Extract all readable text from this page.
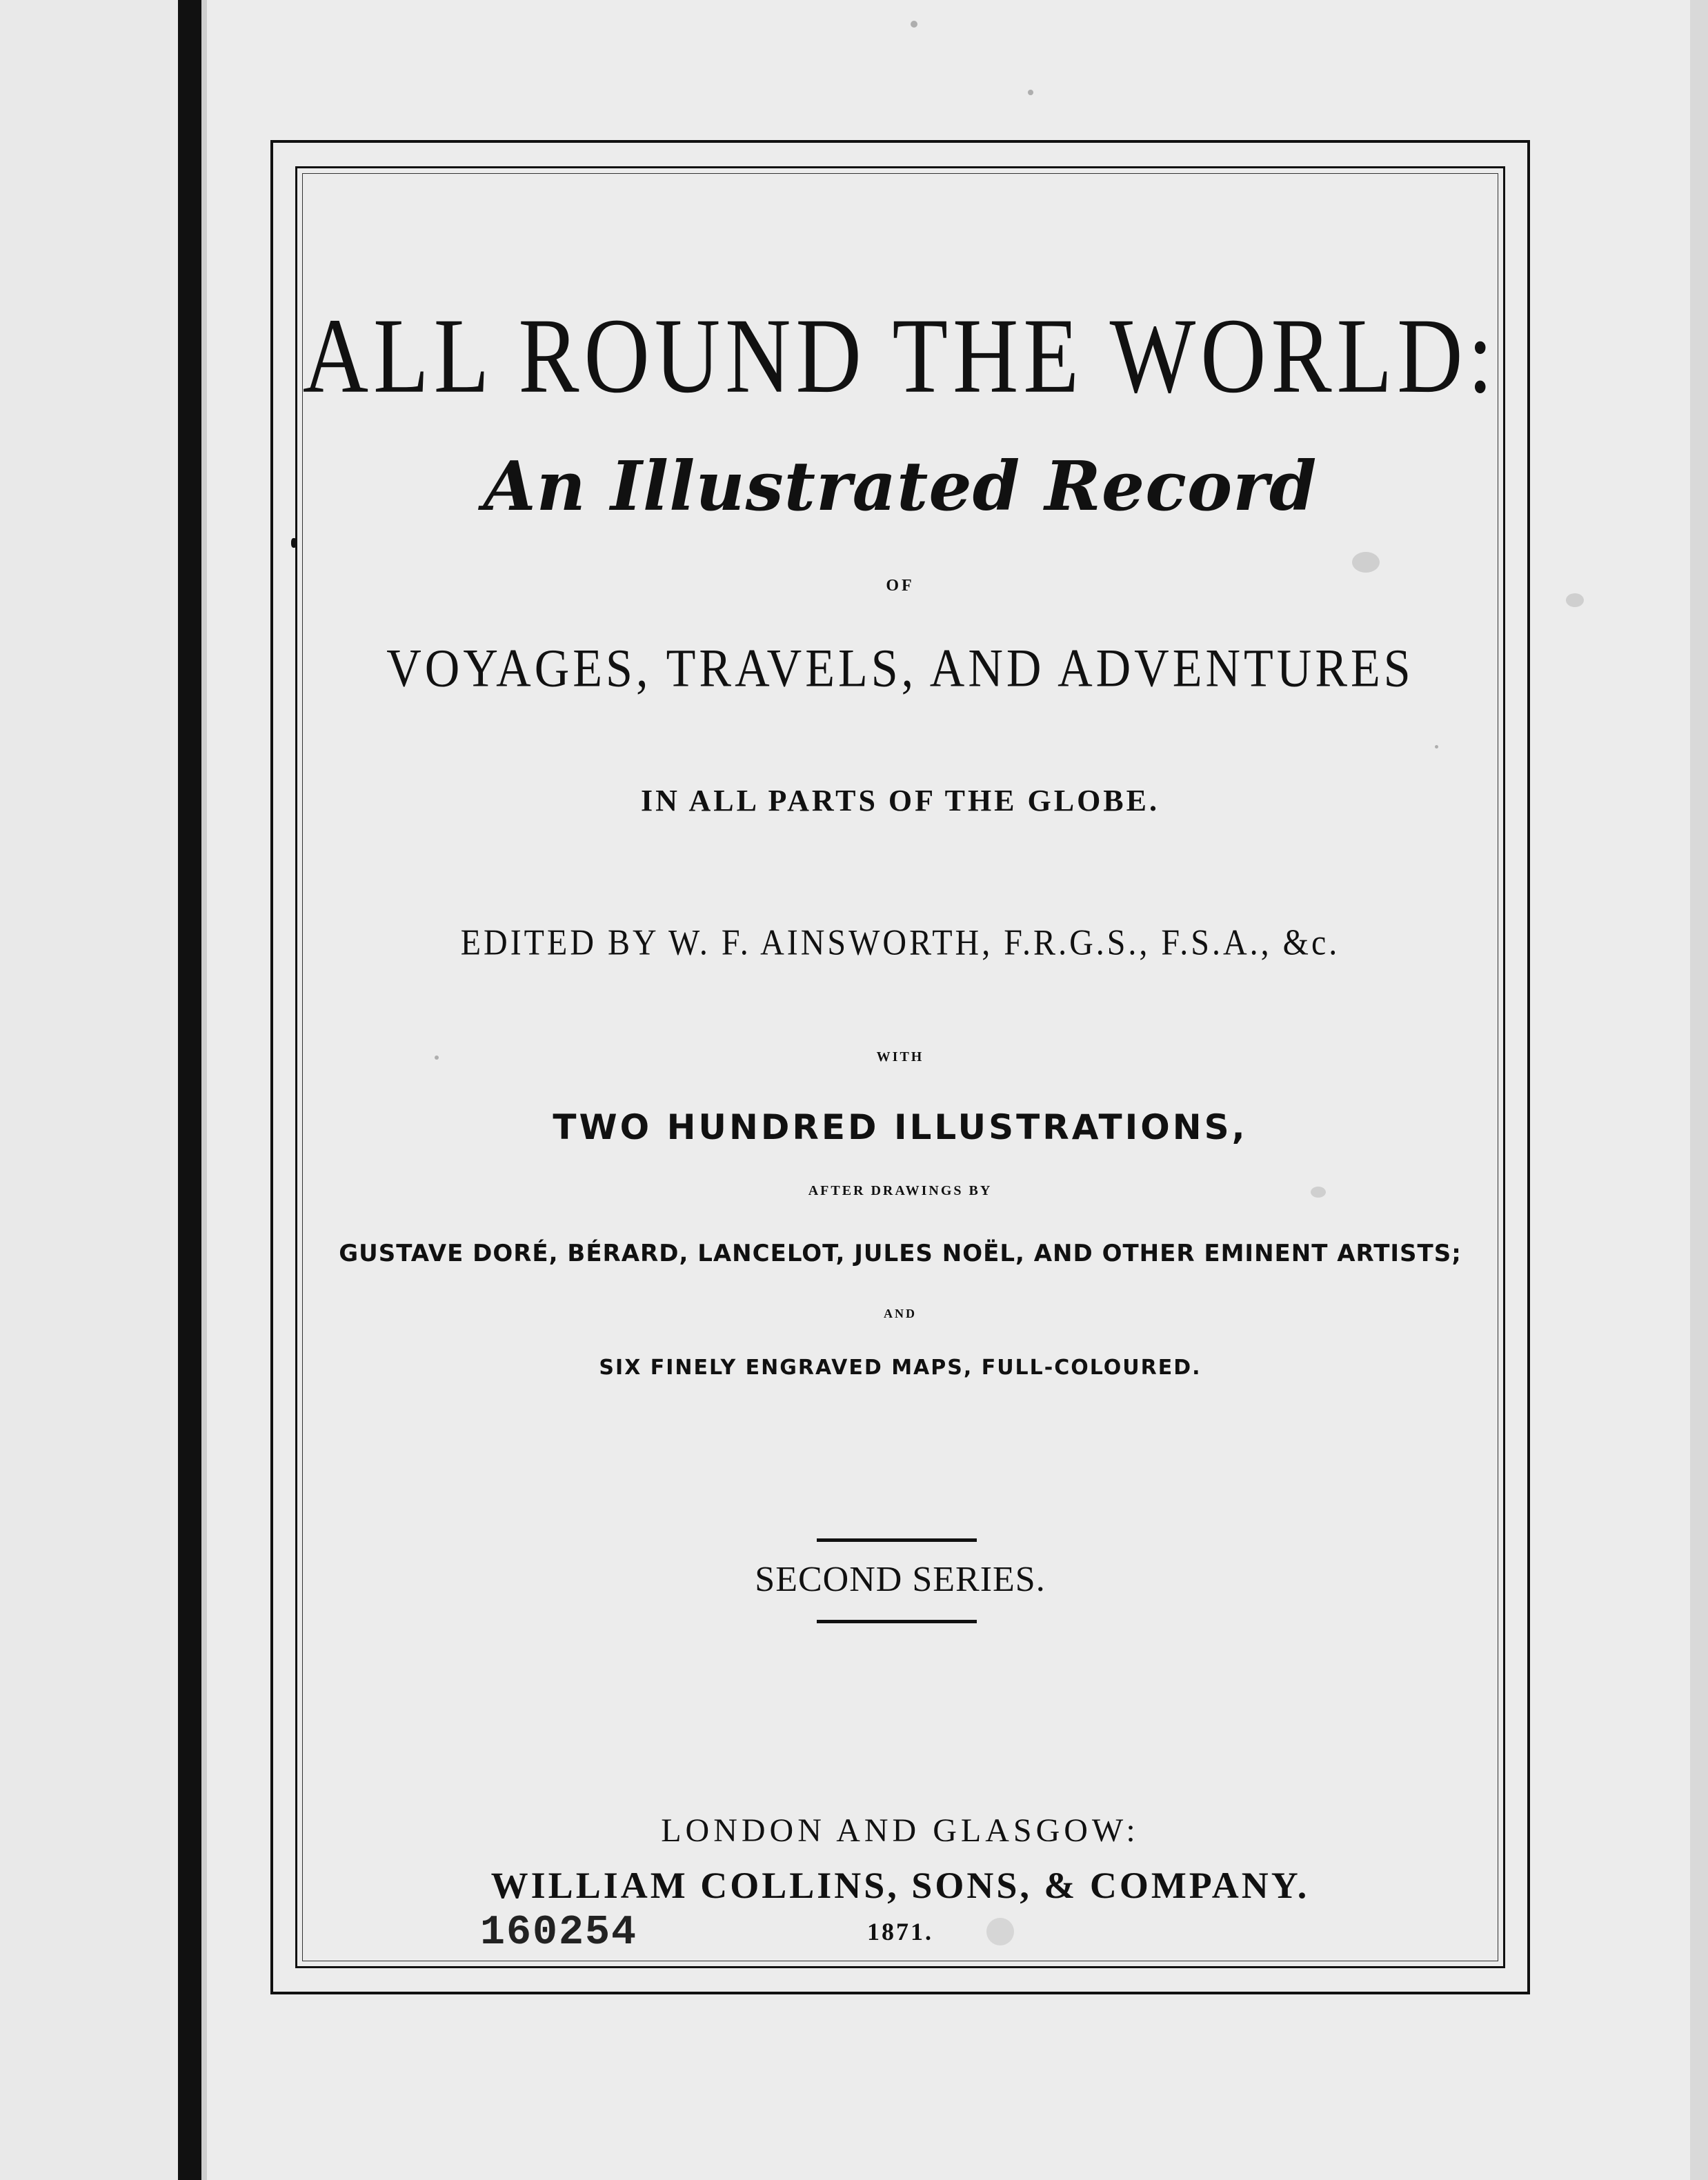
ALL ROUND THE WORLD:
An Illustrated Record
OF
VOYAGES, TRAVELS, AND ADVENTURES
IN ALL PARTS OF THE GLOBE.
EDITED BY W. F. AINSWORTH, F.R.G.S., F.S.A., &c.
WITH
TWO HUNDRED ILLUSTRATIONS,
AFTER DRAWINGS BY
GUSTAVE DORÉ, BÉRARD, LANCELOT, JULES NOËL, AND OTHER EMINENT ARTISTS;
AND
SIX FINELY ENGRAVED MAPS, FULL-COLOURED.
SECOND SERIES.
LONDON AND GLASGOW:
WILLIAM COLLINS, SONS, & COMPANY.
1871.
160254
